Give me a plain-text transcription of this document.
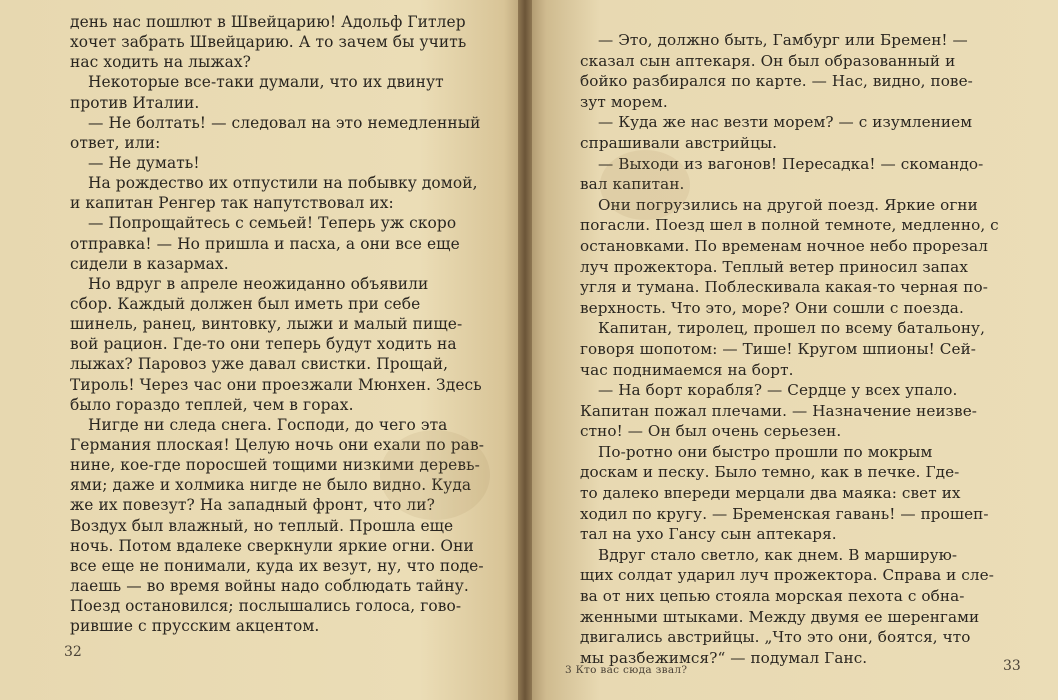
день нас пошлют в Швейцарию! Адольф Гитлер
хочет забрать Швейцарию. А то зачем бы учить
нас ходить на лыжах?
Некоторые все-таки думали, что их двинут
против Италии.
— Не болтать! — следовал на это немедленный
ответ, или:
— Не думать!
На рождество их отпустили на побывку домой,
и капитан Ренгер так напутствовал их:
— Попрощайтесь с семьей! Теперь уж скоро
отправка! — Но пришла и пасха, а они все еще
сидели в казармах.
Но вдруг в апреле неожиданно объявили
сбор. Каждый должен был иметь при себе
шинель, ранец, винтовку, лыжи и малый пище-
вой рацион. Где-то они теперь будут ходить на
лыжах? Паровоз уже давал свистки. Прощай,
Тироль! Через час они проезжали Мюнхен. Здесь
было гораздо теплей, чем в горах.
Нигде ни следа снега. Господи, до чего эта
Германия плоская! Целую ночь они ехали по рав-
нине, кое-где поросшей тощими низкими деревь-
ями; даже и холмика нигде не было видно. Куда
же их повезут? На западный фронт, что ли?
Воздух был влажный, но теплый. Прошла еще
ночь. Потом вдалеке сверкнули яркие огни. Они
все еще не понимали, куда их везут, ну, что поде-
лаешь — во время войны надо соблюдать тайну.
Поезд остановился; послышались голоса, гово-
рившие с прусским акцентом.
32
— Это, должно быть, Гамбург или Бремен! —
сказал сын аптекаря. Он был образованный и
бойко разбирался по карте. — Нас, видно, пове-
зут морем.
— Куда же нас везти морем? — с изумлением
спрашивали австрийцы.
— Выходи из вагонов! Пересадка! — скомандо-
вал капитан.
Они погрузились на другой поезд. Яркие огни
погасли. Поезд шел в полной темноте, медленно, с
остановками. По временам ночное небо прорезал
луч прожектора. Теплый ветер приносил запах
угля и тумана. Поблескивала какая-то черная по-
верхность. Что это, море? Они сошли с поезда.
Капитан, тиролец, прошел по всему батальону,
говоря шопотом: — Тише! Кругом шпионы! Сей-
час поднимаемся на борт.
— На борт корабля? — Сердце у всех упало.
Капитан пожал плечами. — Назначение неизве-
стно! — Он был очень серьезен.
По-ротно они быстро прошли по мокрым
доскам и песку. Было темно, как в печке. Где-
то далеко впереди мерцали два маяка: свет их
ходил по кругу. — Бременская гавань! — прошеп-
тал на ухо Гансу сын аптекаря.
Вдруг стало светло, как днем. В марширую-
щих солдат ударил луч прожектора. Справа и сле-
ва от них цепью стояла морская пехота с обна-
женными штыками. Между двумя ее шеренгами
двигались австрийцы. „Что это они, боятся, что
мы разбежимся?“ — подумал Ганс.
3 Кто вас сюда звал?	33
